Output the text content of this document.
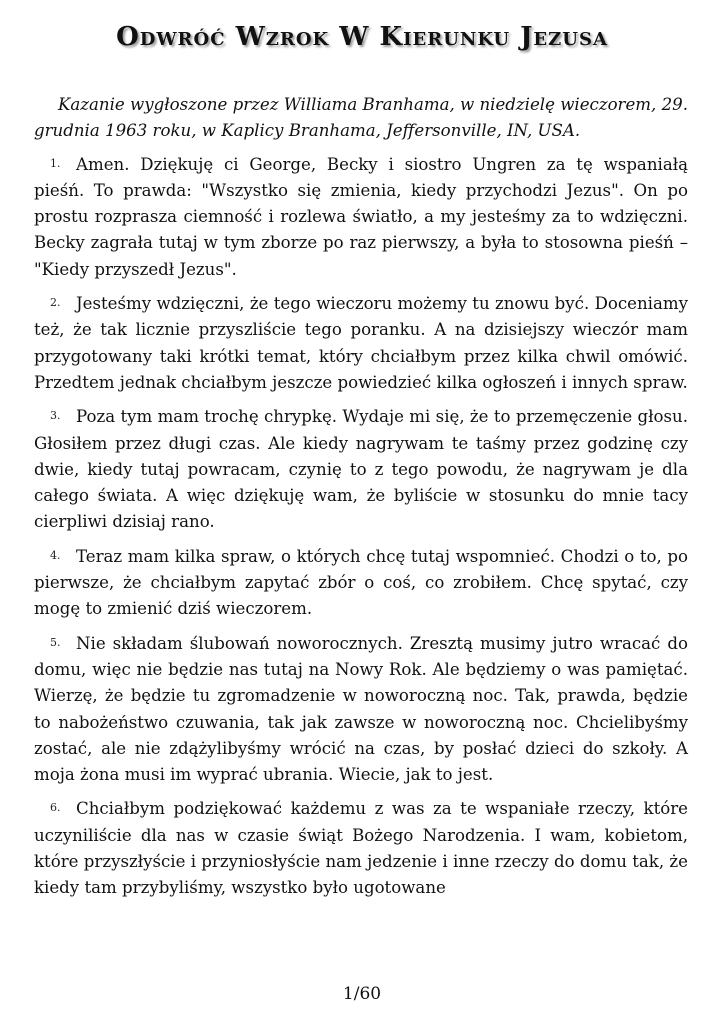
Odwróć Wzrok W Kierunku Jezusa

Kazanie wygłoszone przez Williama Branhama, w niedzielę wieczorem, 29. grudnia 1963 roku, w Kaplicy Branhama, Jeffersonville, IN, USA.

1. Amen. Dziękuję ci George, Becky i siostro Ungren za tę wspaniałą pieśń. To prawda: "Wszystko się zmienia, kiedy przychodzi Jezus". On po prostu rozprasza ciemność i rozlewa światło, a my jesteśmy za to wdzięczni. Becky zagrała tutaj w tym zborze po raz pierwszy, a była to stosowna pieśń – "Kiedy przyszedł Jezus".

2. Jesteśmy wdzięczni, że tego wieczoru możemy tu znowu być. Doceniamy też, że tak licznie przyszliście tego poranku. A na dzisiejszy wieczór mam przygotowany taki krótki temat, który chciałbym przez kilka chwil omówić. Przedtem jednak chciałbym jeszcze powiedzieć kilka ogłoszeń i innych spraw.

3. Poza tym mam trochę chrypkę. Wydaje mi się, że to przemęczenie głosu. Głosiłem przez długi czas. Ale kiedy nagrywam te taśmy przez godzinę czy dwie, kiedy tutaj powracam, czynię to z tego powodu, że nagrywam je dla całego świata. A więc dziękuję wam, że byliście w stosunku do mnie tacy cierpliwi dzisiaj rano.

4. Teraz mam kilka spraw, o których chcę tutaj wspomnieć. Chodzi o to, po pierwsze, że chciałbym zapytać zbór o coś, co zrobiłem. Chcę spytać, czy mogę to zmienić dziś wieczorem.

5. Nie składam ślubowań noworocznych. Zresztą musimy jutro wracać do domu, więc nie będzie nas tutaj na Nowy Rok. Ale będziemy o was pamiętać. Wierzę, że będzie tu zgromadzenie w noworoczną noc. Tak, prawda, będzie to nabożeństwo czuwania, tak jak zawsze w noworoczną noc. Chcielibyśmy zostać, ale nie zdążylibyśmy wrócić na czas, by posłać dzieci do szkoły. A moja żona musi im wyprać ubrania. Wiecie, jak to jest.

6. Chciałbym podziękować każdemu z was za te wspaniałe rzeczy, które uczyniliście dla nas w czasie świąt Bożego Narodzenia. I wam, kobietom, które przyszłyście i przyniosłyście nam jedzenie i inne rzeczy do domu tak, że kiedy tam przybyliśmy, wszystko było ugotowane

1/60
